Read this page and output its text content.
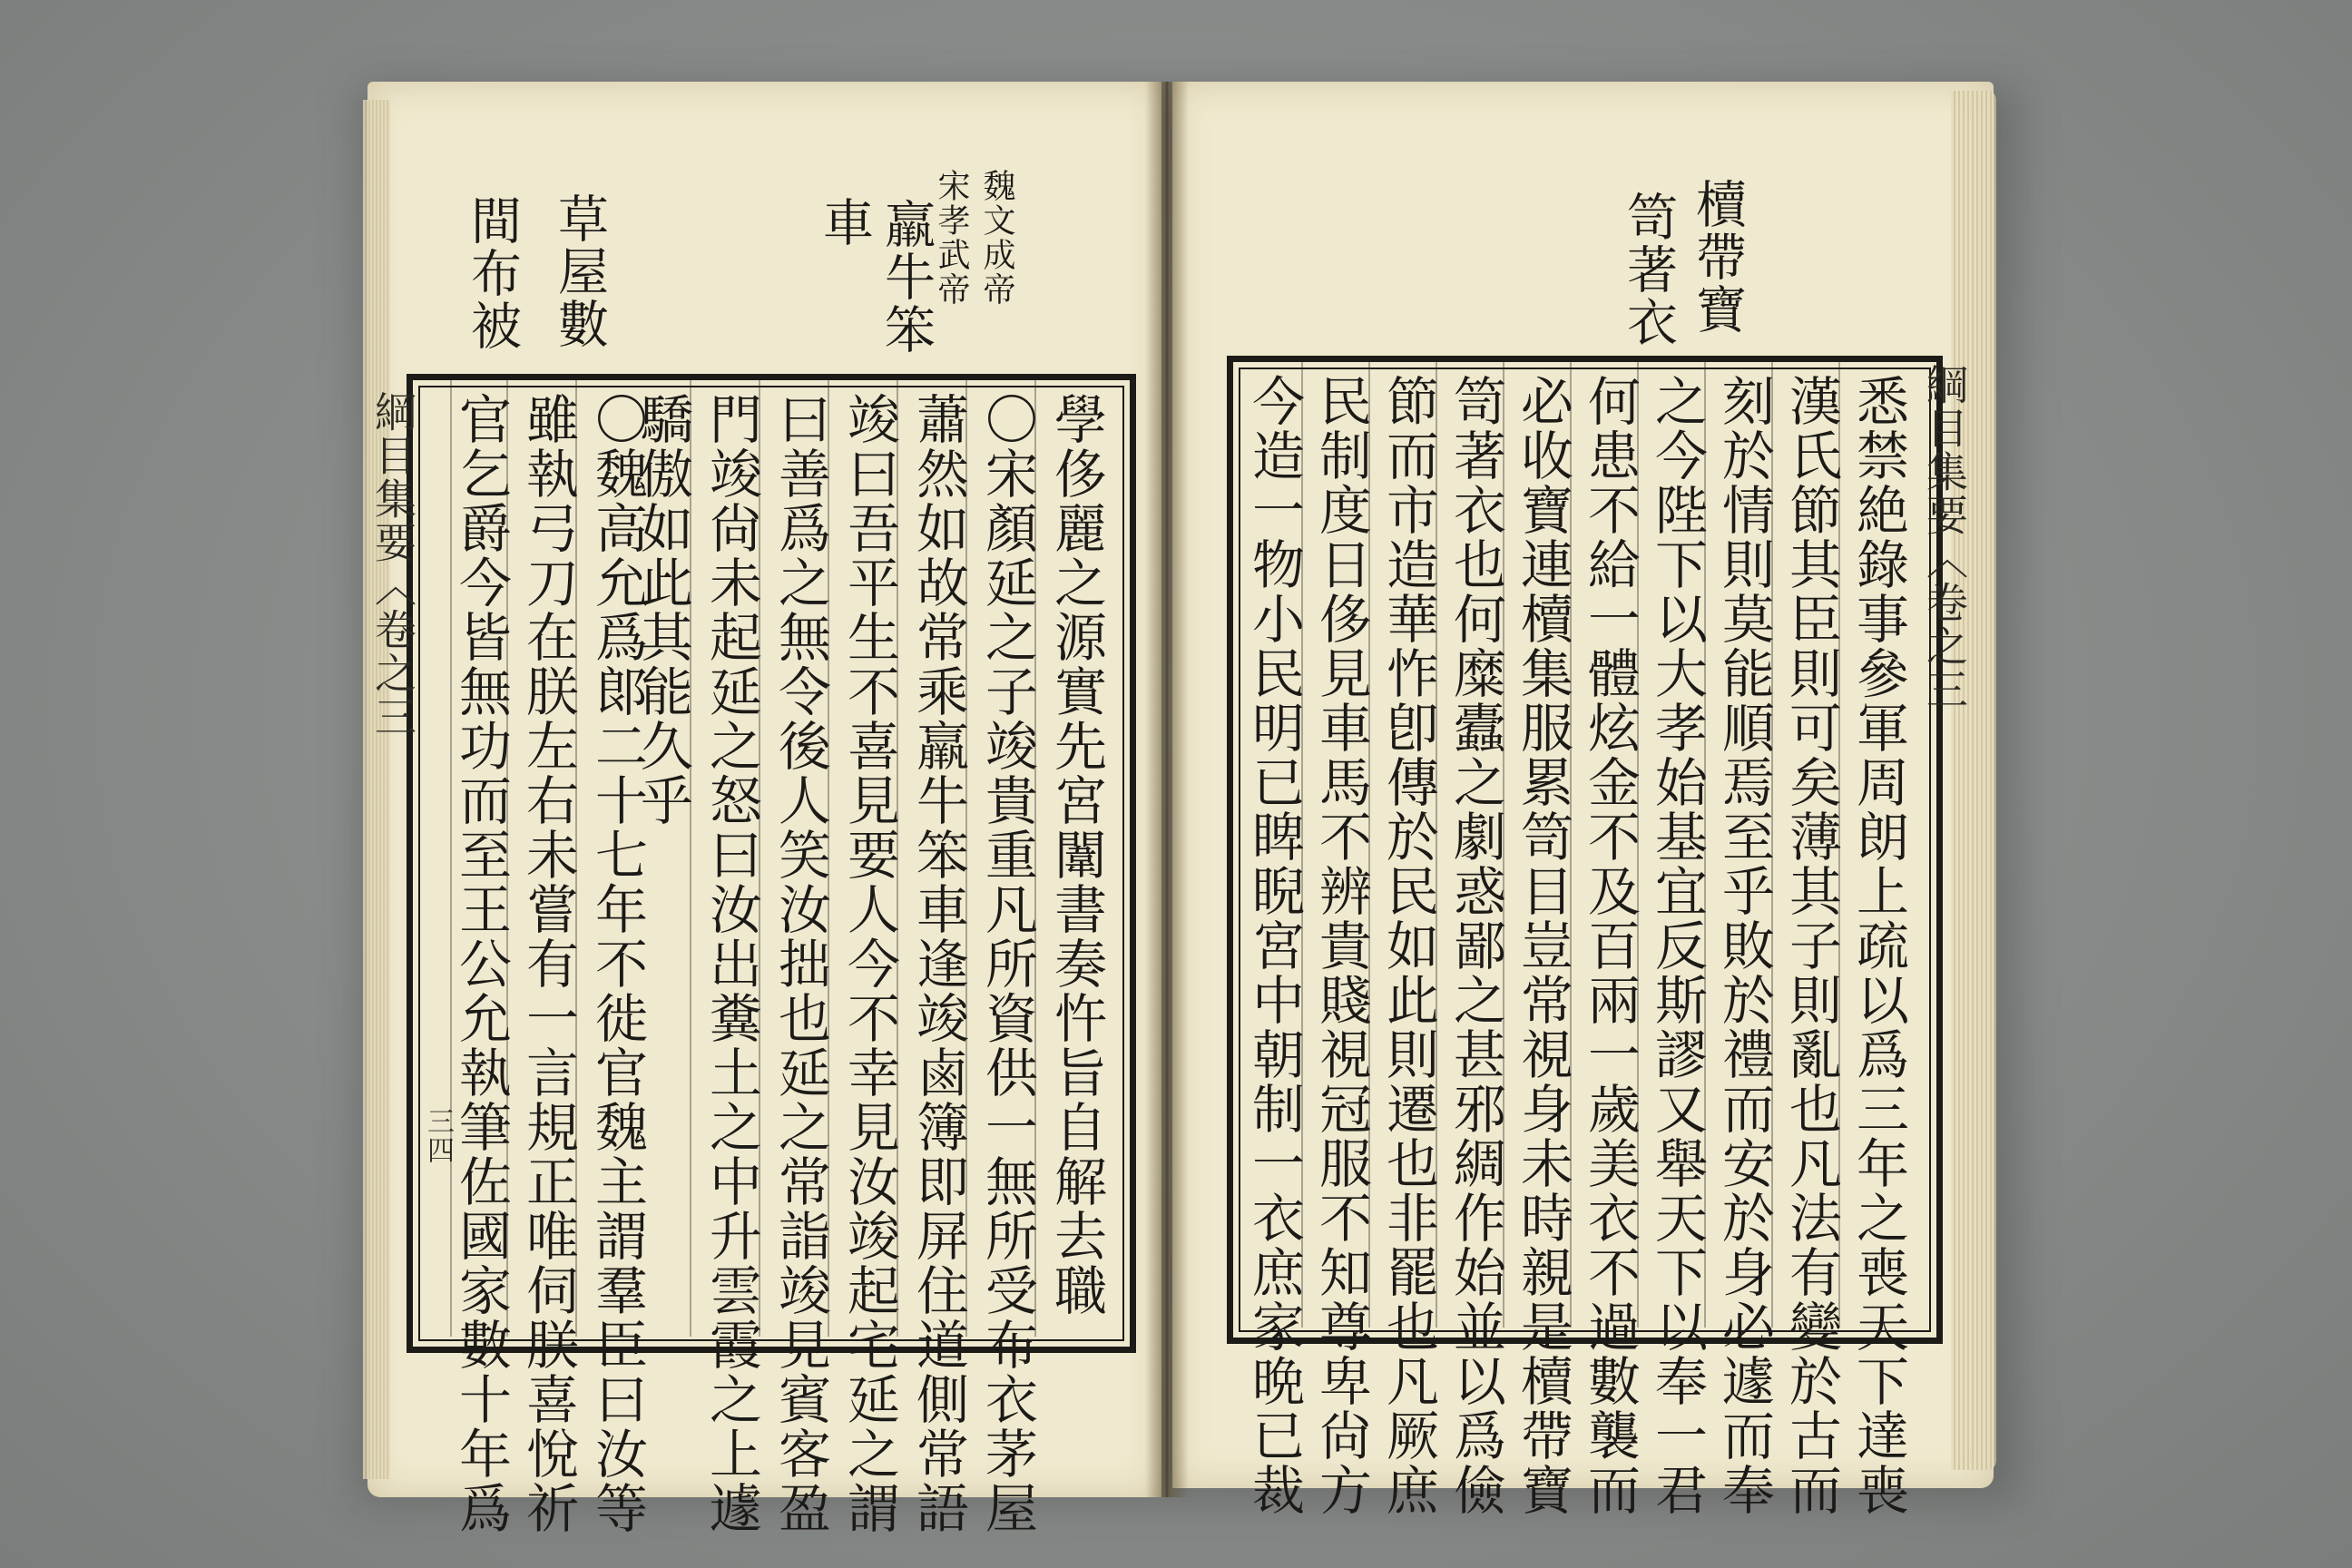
宋孝武帝 魏文成帝
羸牛笨
車
草屋數
間布被
綱目集要〈卷之三
三四	學侈麗之源實先宮闈書奏忤旨自解去職
〇宋顏延之子竣貴重凡所資供一無所受布衣茅屋
蕭然如故常乘羸牛笨車逢竣鹵簿即屏住道側常語
竣曰吾平生不喜見要人今不幸見汝竣起宅延之謂
曰善爲之無令後人笑汝拙也延之常詣竣見賓客盈
門竣尙未起延之怒曰汝出糞土之中升雲霞之上遽
驕傲如此其能久乎
〇魏高允爲郞二十七年不徙官魏主謂羣臣曰汝等
雖執弓刀在朕左右未嘗有一言規正唯伺朕喜悅祈
官乞爵今皆無功而至王公允執筆佐國家數十年爲
櫝帶寶
笥著衣
綱目集要〈卷之三
悉禁絶錄事參軍周朗上疏以爲三年之喪天下達喪
漢氏節其臣則可矣薄其子則亂也凡法有變於古而
刻於情則莫能順焉至乎敗於禮而安於身必遽而奉
之今陛下以大孝始基宜反斯謬又舉天下以奉一君
何患不給一體炫金不及百兩一歲美衣不過數襲而
必收寶連櫝集服累笥目豈常視身未時親是櫝帶寶
笥著衣也何糜蠹之劇惑鄙之甚邪綢作始並以爲儉
節而市造華怍卽傳於民如此則遷也非罷也凡厥庶
民制度日侈見車馬不辨貴賤視冠服不知尊卑尙方
今造一物小民明已睥睨宮中朝制一衣庶家晩已裁
